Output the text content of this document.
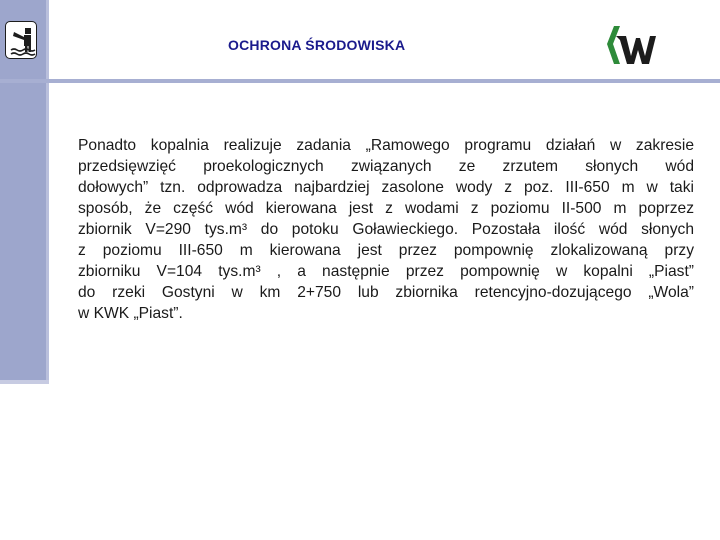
OCHRONA ŚRODOWISKA
Ponadto kopalnia realizuje zadania „Ramowego programu działań w zakresie
przedsięwzięć proekologicznych związanych ze zrzutem słonych wód
dołowych” tzn. odprowadza najbardziej zasolone wody z poz. III-650 m w taki
sposób, że część wód kierowana jest z wodami z poziomu II-500 m poprzez
zbiornik V=290 tys.m³ do potoku Goławieckiego. Pozostała ilość wód słonych
z poziomu III-650 m kierowana jest przez pompownię zlokalizowaną przy
zbiorniku V=104 tys.m³ , a następnie przez pompownię w kopalni „Piast”
do rzeki Gostyni w km 2+750 lub zbiornika retencyjno-dozującego „Wola”
w KWK „Piast”.
